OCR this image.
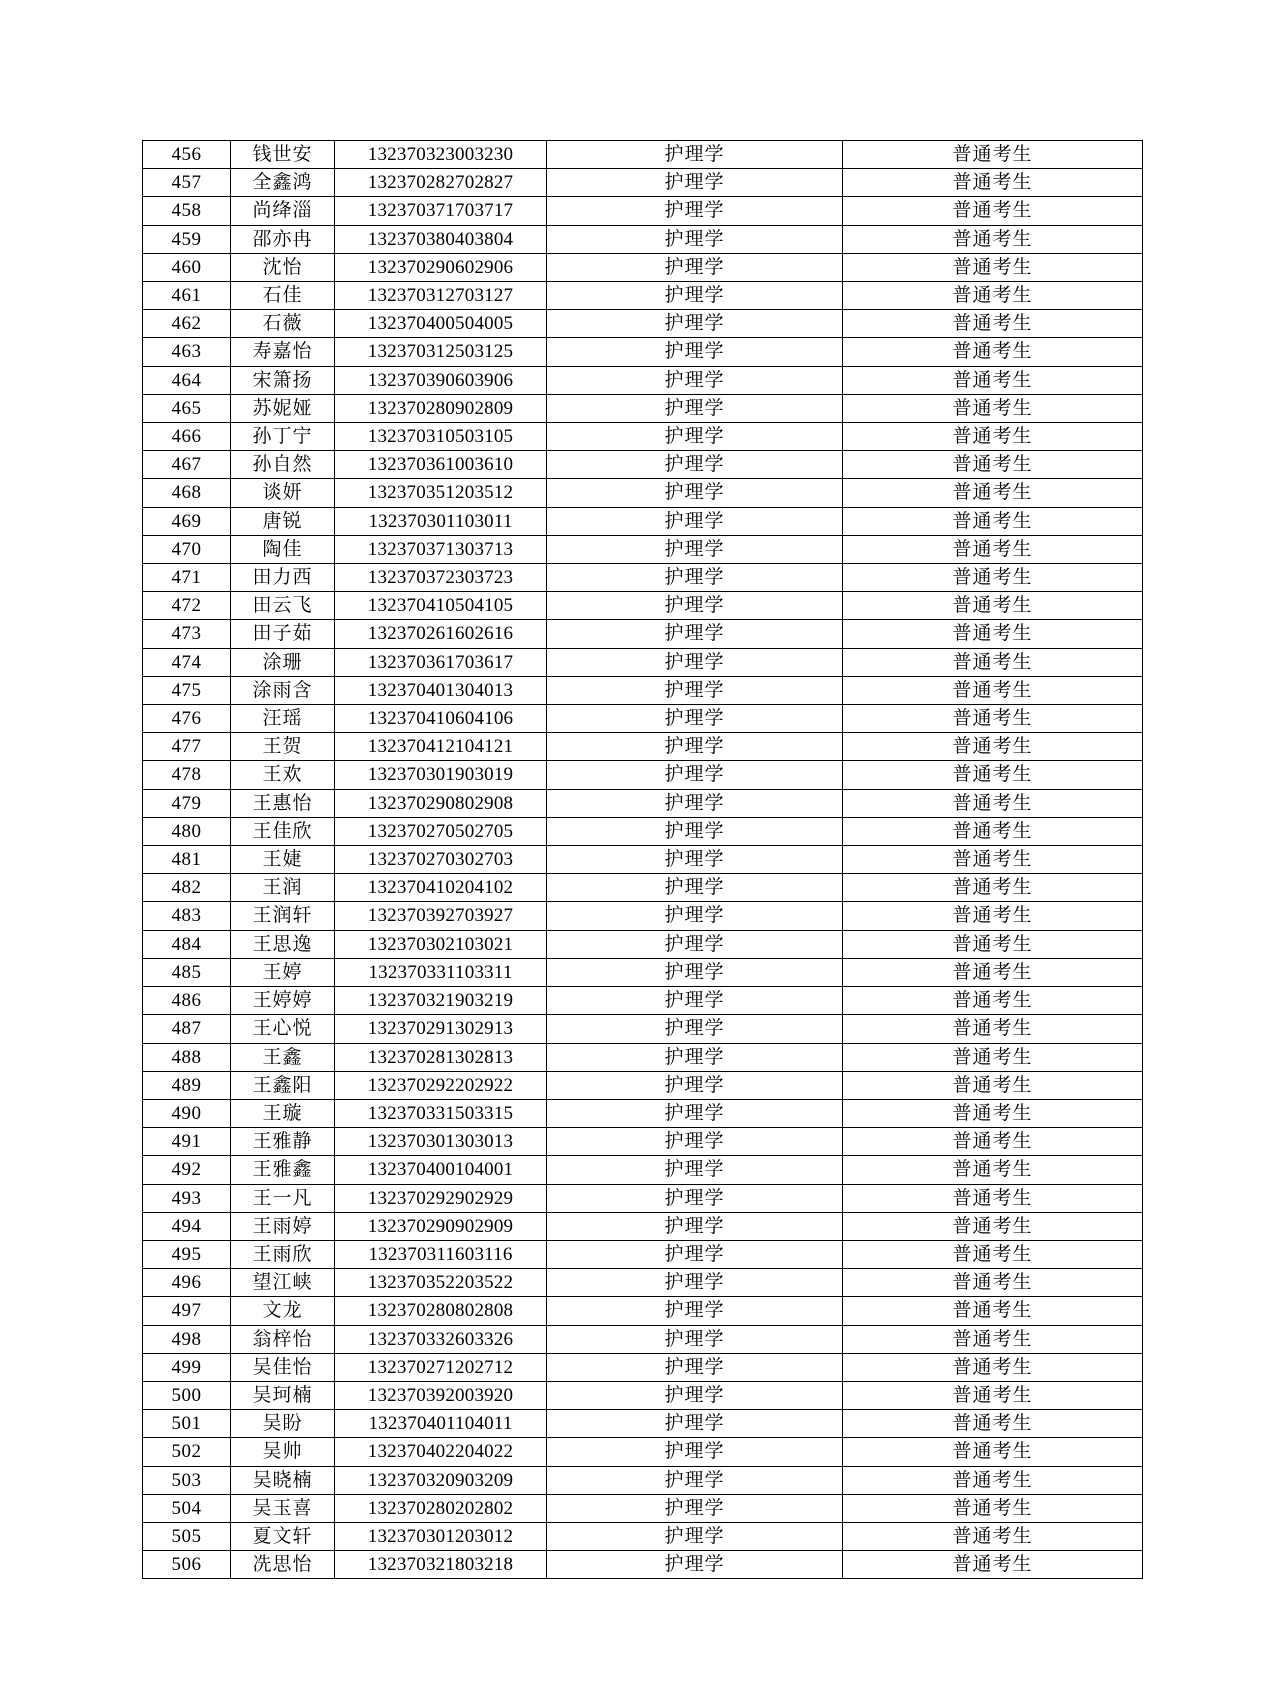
456	钱世安	132370323003230	护理学	普通考生
457	全鑫鸿	132370282702827	护理学	普通考生
458	尚绛淄	132370371703717	护理学	普通考生
459	邵亦冉	132370380403804	护理学	普通考生
460	沈怡	132370290602906	护理学	普通考生
461	石佳	132370312703127	护理学	普通考生
462	石薇	132370400504005	护理学	普通考生
463	寿嘉怡	132370312503125	护理学	普通考生
464	宋箫扬	132370390603906	护理学	普通考生
465	苏妮娅	132370280902809	护理学	普通考生
466	孙丁宁	132370310503105	护理学	普通考生
467	孙自然	132370361003610	护理学	普通考生
468	谈妍	132370351203512	护理学	普通考生
469	唐锐	132370301103011	护理学	普通考生
470	陶佳	132370371303713	护理学	普通考生
471	田力西	132370372303723	护理学	普通考生
472	田云飞	132370410504105	护理学	普通考生
473	田子茹	132370261602616	护理学	普通考生
474	涂珊	132370361703617	护理学	普通考生
475	涂雨含	132370401304013	护理学	普通考生
476	汪瑶	132370410604106	护理学	普通考生
477	王贺	132370412104121	护理学	普通考生
478	王欢	132370301903019	护理学	普通考生
479	王惠怡	132370290802908	护理学	普通考生
480	王佳欣	132370270502705	护理学	普通考生
481	王婕	132370270302703	护理学	普通考生
482	王润	132370410204102	护理学	普通考生
483	王润轩	132370392703927	护理学	普通考生
484	王思逸	132370302103021	护理学	普通考生
485	王婷	132370331103311	护理学	普通考生
486	王婷婷	132370321903219	护理学	普通考生
487	王心悦	132370291302913	护理学	普通考生
488	王鑫	132370281302813	护理学	普通考生
489	王鑫阳	132370292202922	护理学	普通考生
490	王璇	132370331503315	护理学	普通考生
491	王雅静	132370301303013	护理学	普通考生
492	王雅鑫	132370400104001	护理学	普通考生
493	王一凡	132370292902929	护理学	普通考生
494	王雨婷	132370290902909	护理学	普通考生
495	王雨欣	132370311603116	护理学	普通考生
496	望江峡	132370352203522	护理学	普通考生
497	文龙	132370280802808	护理学	普通考生
498	翁梓怡	132370332603326	护理学	普通考生
499	吴佳怡	132370271202712	护理学	普通考生
500	吴珂楠	132370392003920	护理学	普通考生
501	吴盼	132370401104011	护理学	普通考生
502	吴帅	132370402204022	护理学	普通考生
503	吴晓楠	132370320903209	护理学	普通考生
504	吴玉喜	132370280202802	护理学	普通考生
505	夏文轩	132370301203012	护理学	普通考生
506	冼思怡	132370321803218	护理学	普通考生
